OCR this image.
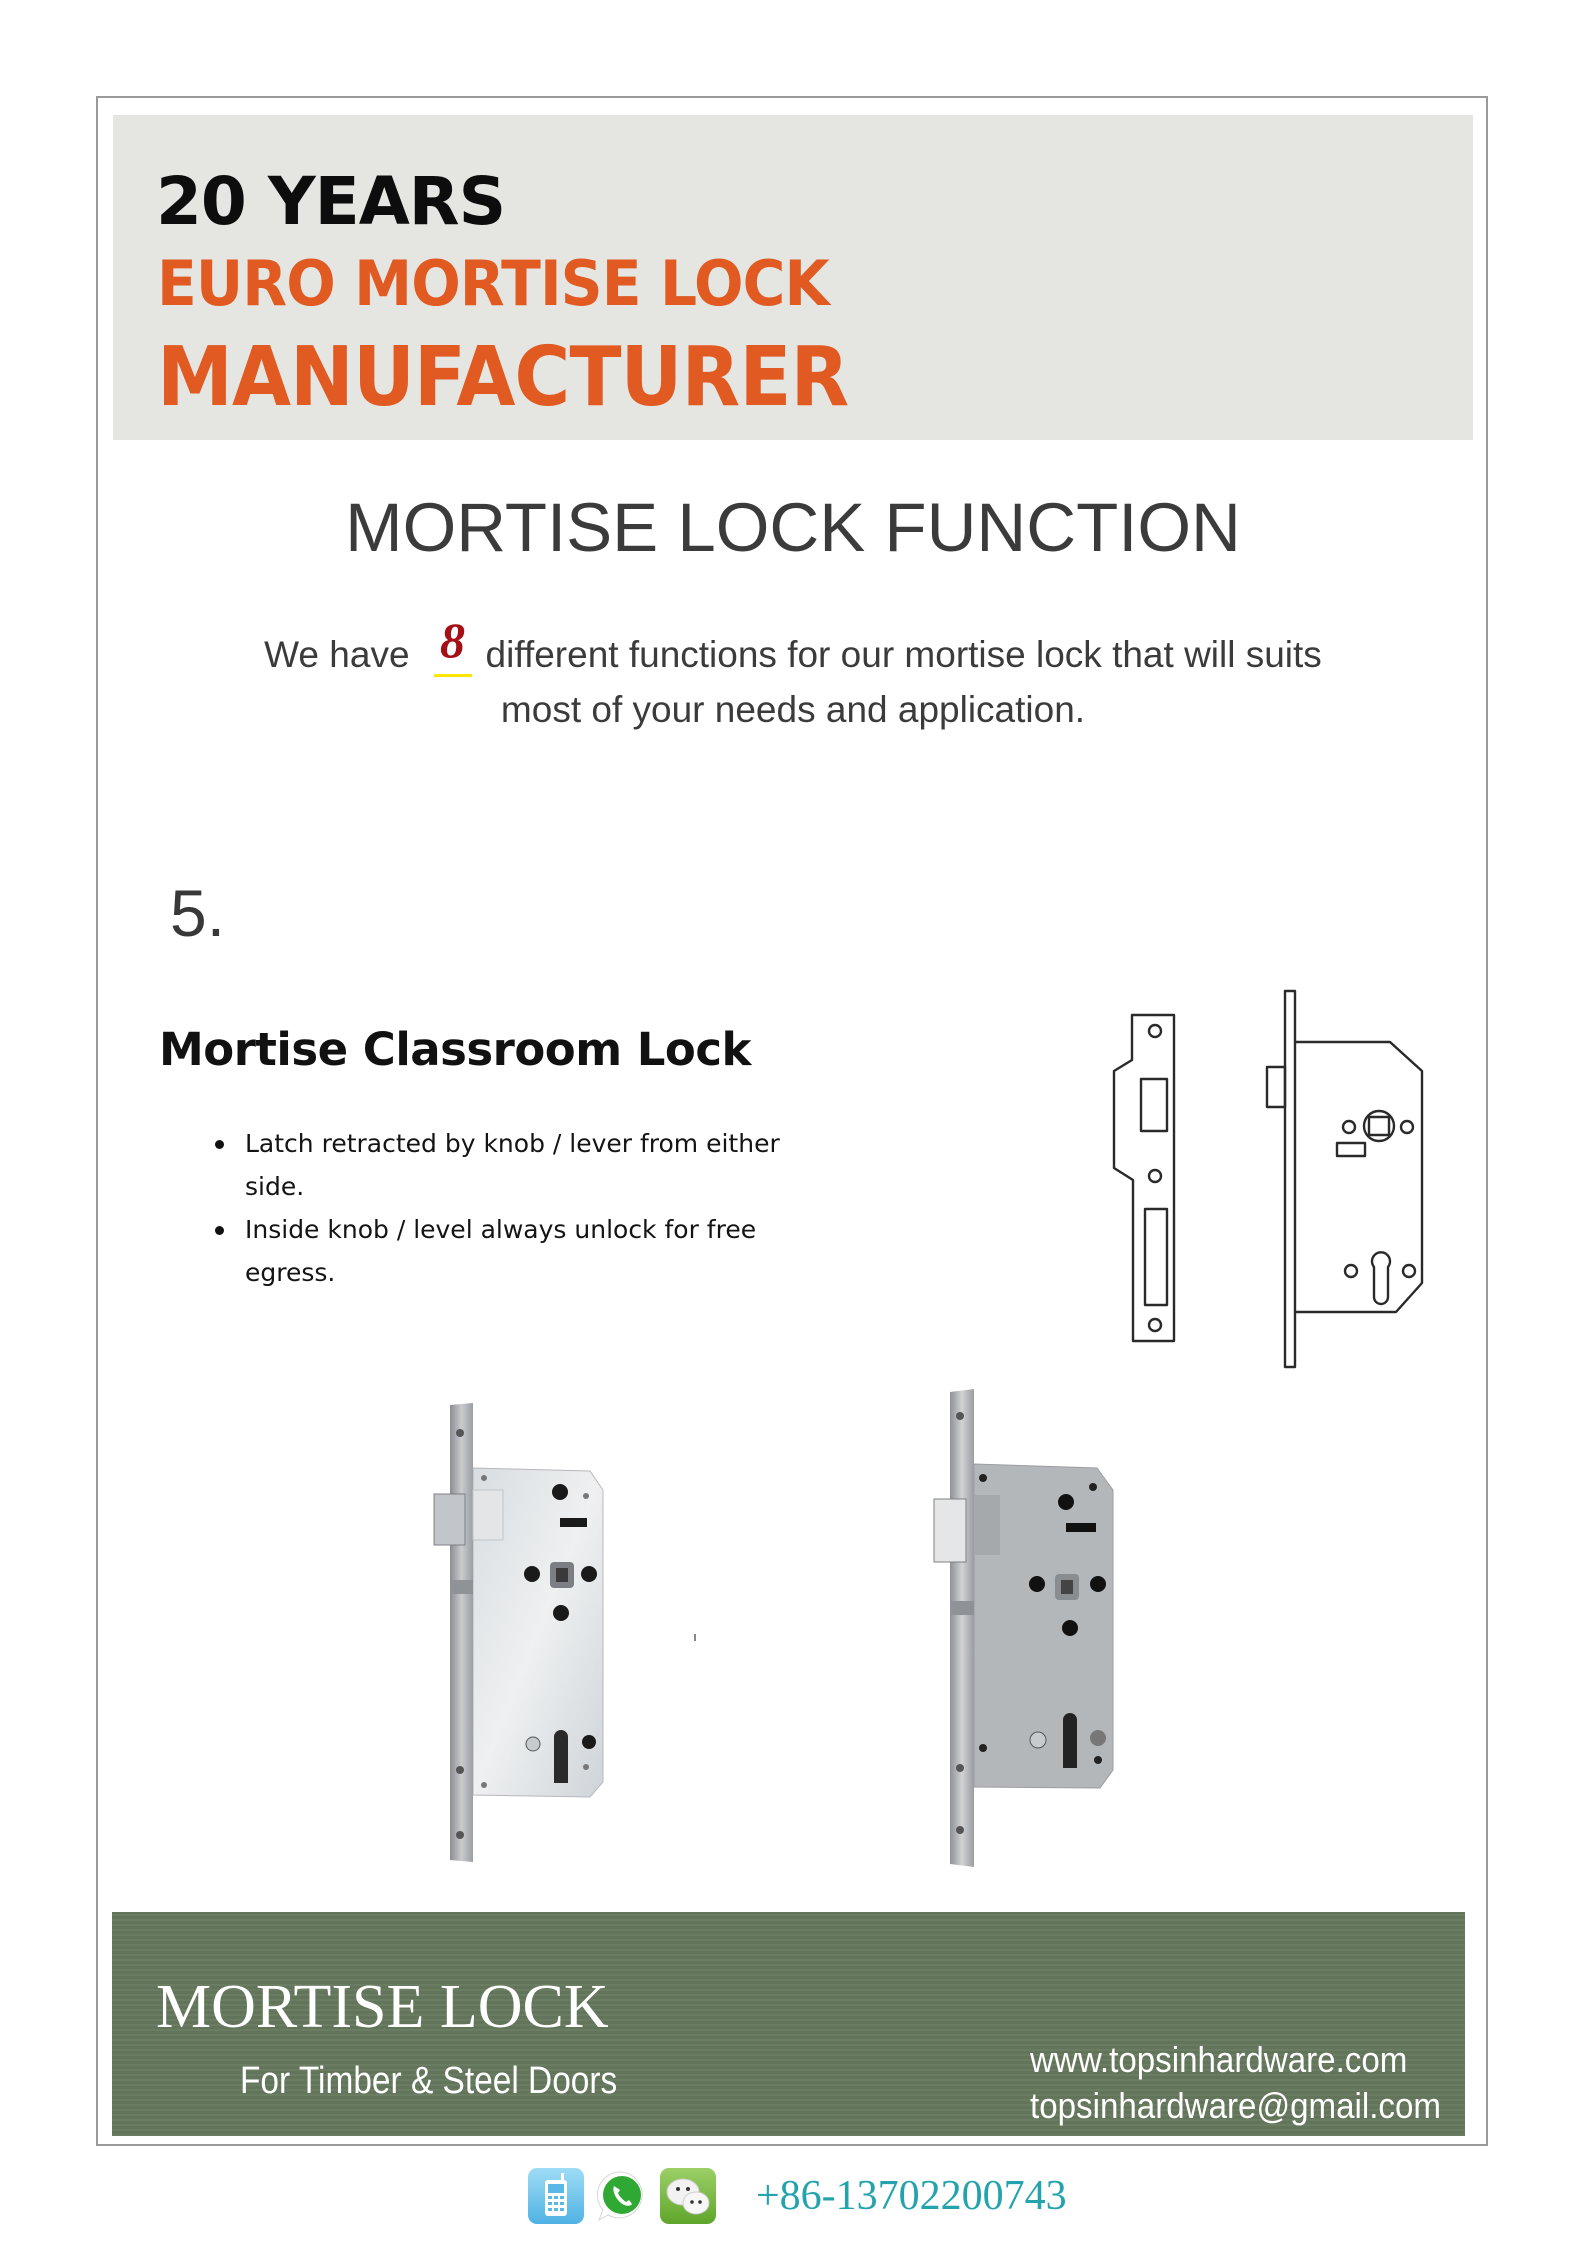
20 YEARS
EURO MORTISE LOCK
MANUFACTURER
MORTISE LOCK FUNCTION
We have 8 different functions for our mortise lock that will suits
most of your needs and application.
5.
Mortise Classroom Lock
Latch retracted by knob / lever from either side.
Inside knob / level always unlock for free egress.
MORTISE LOCK
For Timber & Steel Doors
www.topsinhardware.com
topsinhardware@gmail.com
+86-13702200743
